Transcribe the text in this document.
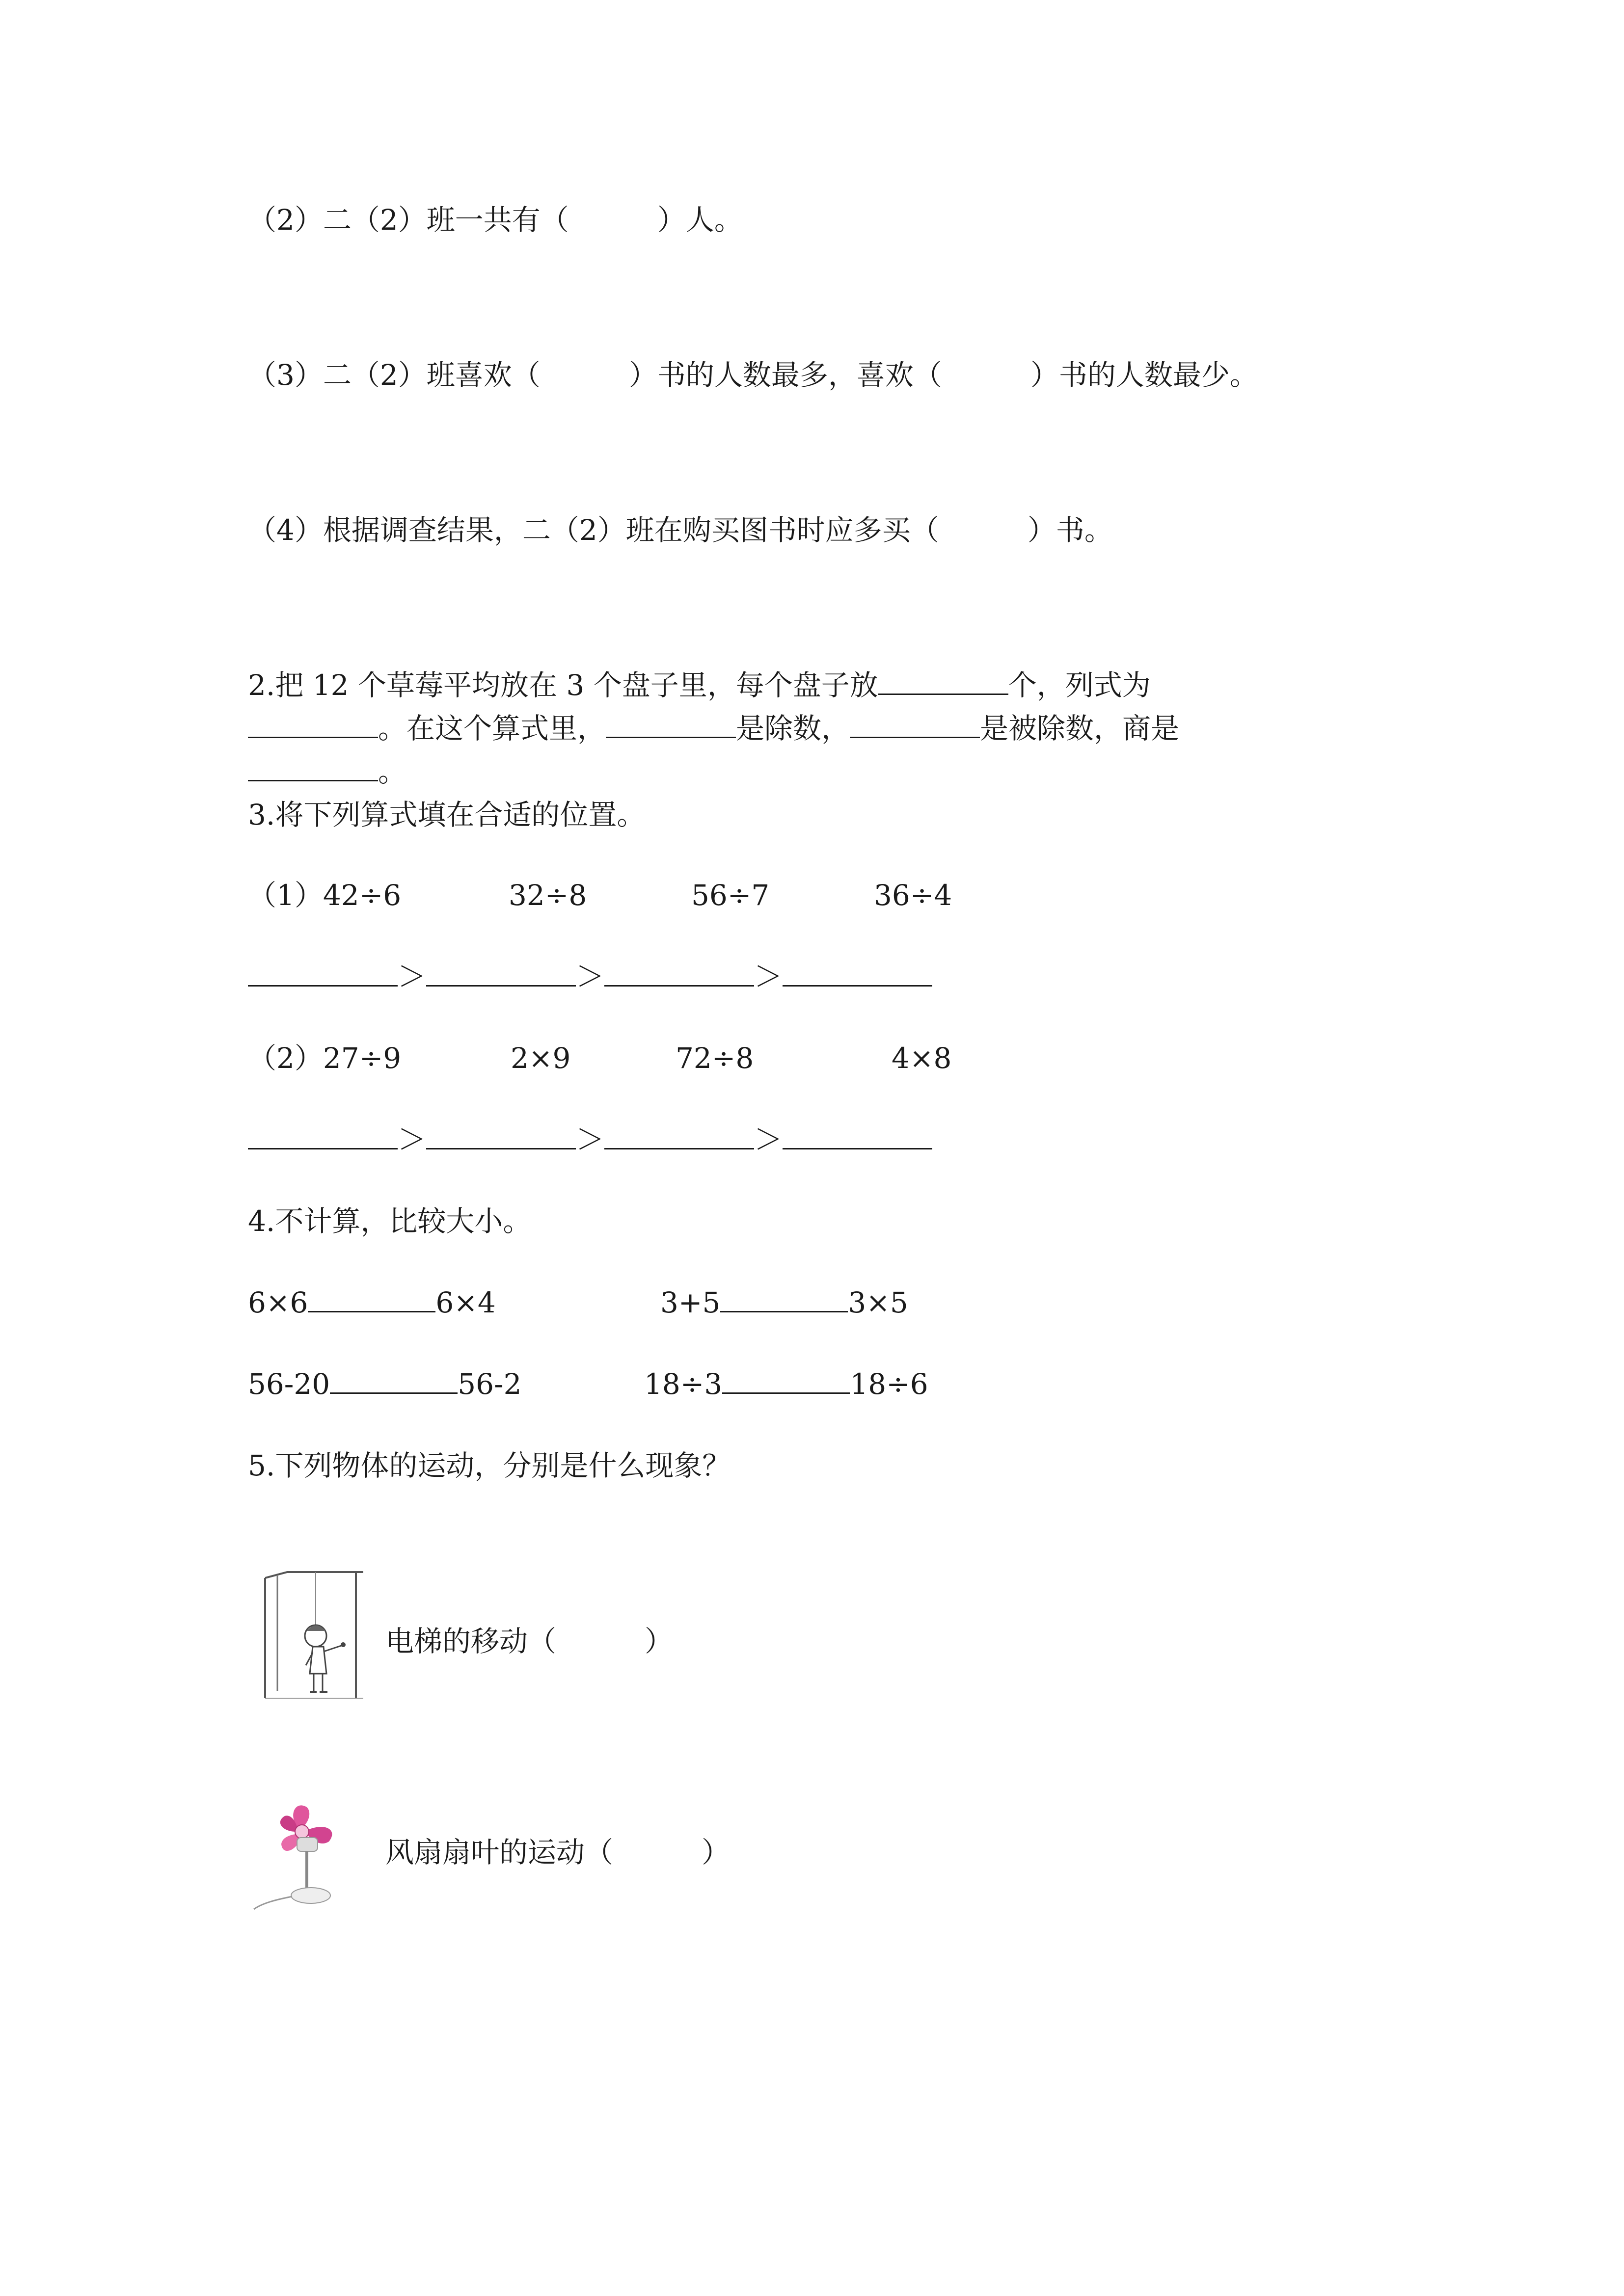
（2）二（2）班一共有（	）人。
（3）二（2）班喜欢（	）书的人数最多，喜欢（	）书的人数最少。
（4）根据调查结果，二（2）班在购买图书时应多买（	）书。
2.把 12 个草莓平均放在 3 个盘子里，每个盘子放	个，列式为
。在这个算式里，	是除数，	是被除数，商是
。
3.将下列算式填在合适的位置。
（1）42÷6	32÷8	56÷7	36÷4
＞	＞	＞
（2）27÷9	2×9	72÷8	4×8
＞	＞	＞
4.不计算，比较大小。
6×6	6×4	3+5	3×5
56-20	56-2	18÷3	18÷6
5.下列物体的运动，分别是什么现象？
电梯的移动（	）
风扇扇叶的运动（	）
